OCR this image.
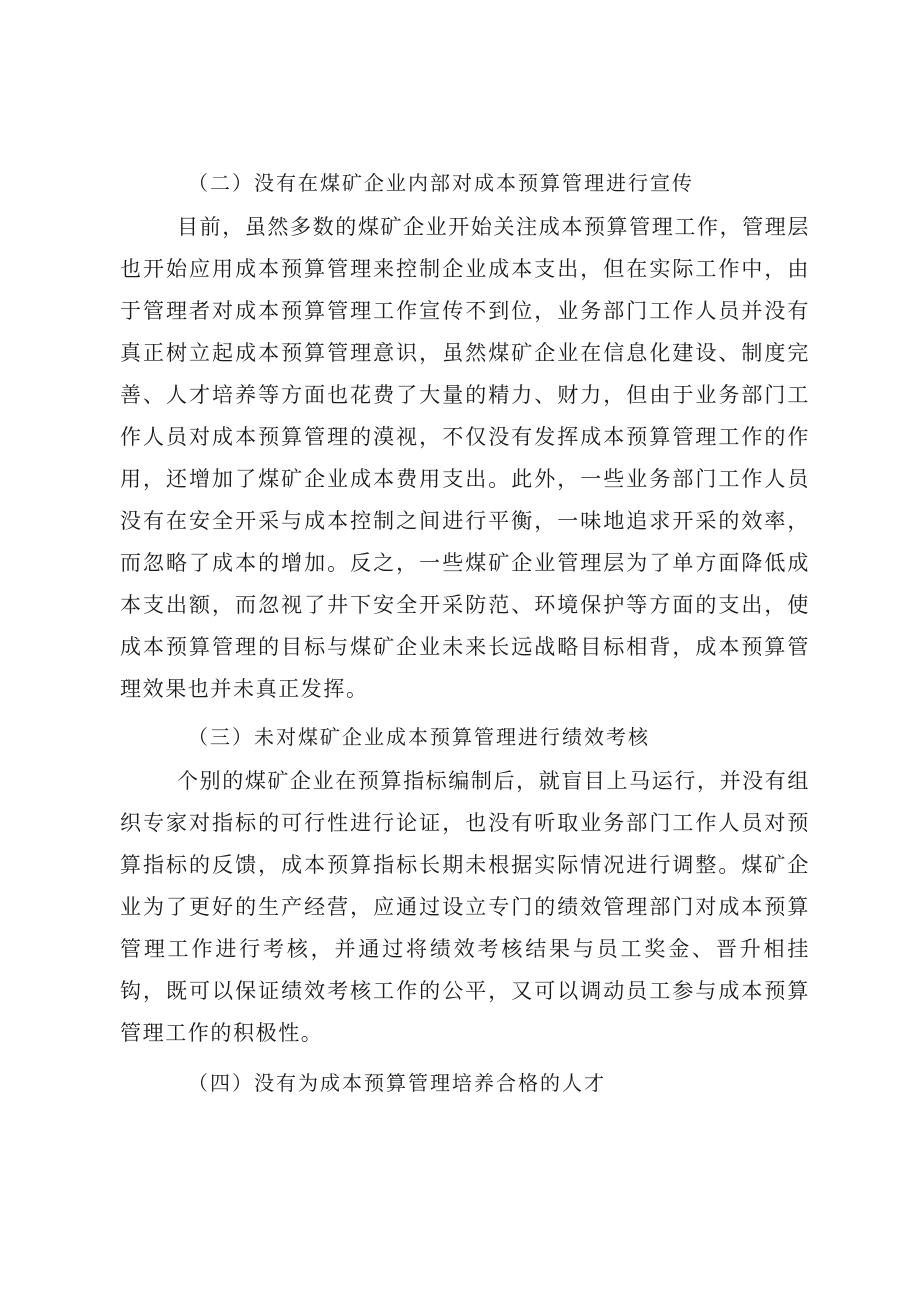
（二）没有在煤矿企业内部对成本预算管理进行宣传

目前，虽然多数的煤矿企业开始关注成本预算管理工作，管理层也开始应用成本预算管理来控制企业成本支出，但在实际工作中，由于管理者对成本预算管理工作宣传不到位，业务部门工作人员并没有真正树立起成本预算管理意识，虽然煤矿企业在信息化建设、制度完善、人才培养等方面也花费了大量的精力、财力，但由于业务部门工作人员对成本预算管理的漠视，不仅没有发挥成本预算管理工作的作用，还增加了煤矿企业成本费用支出。此外，一些业务部门工作人员没有在安全开采与成本控制之间进行平衡，一味地追求开采的效率，而忽略了成本的增加。反之，一些煤矿企业管理层为了单方面降低成本支出额，而忽视了井下安全开采防范、环境保护等方面的支出，使成本预算管理的目标与煤矿企业未来长远战略目标相背，成本预算管理效果也并未真正发挥。

（三）未对煤矿企业成本预算管理进行绩效考核

个别的煤矿企业在预算指标编制后，就盲目上马运行，并没有组织专家对指标的可行性进行论证，也没有听取业务部门工作人员对预算指标的反馈，成本预算指标长期未根据实际情况进行调整。煤矿企业为了更好的生产经营，应通过设立专门的绩效管理部门对成本预算管理工作进行考核，并通过将绩效考核结果与员工奖金、晋升相挂钩，既可以保证绩效考核工作的公平，又可以调动员工参与成本预算管理工作的积极性。

（四）没有为成本预算管理培养合格的人才
